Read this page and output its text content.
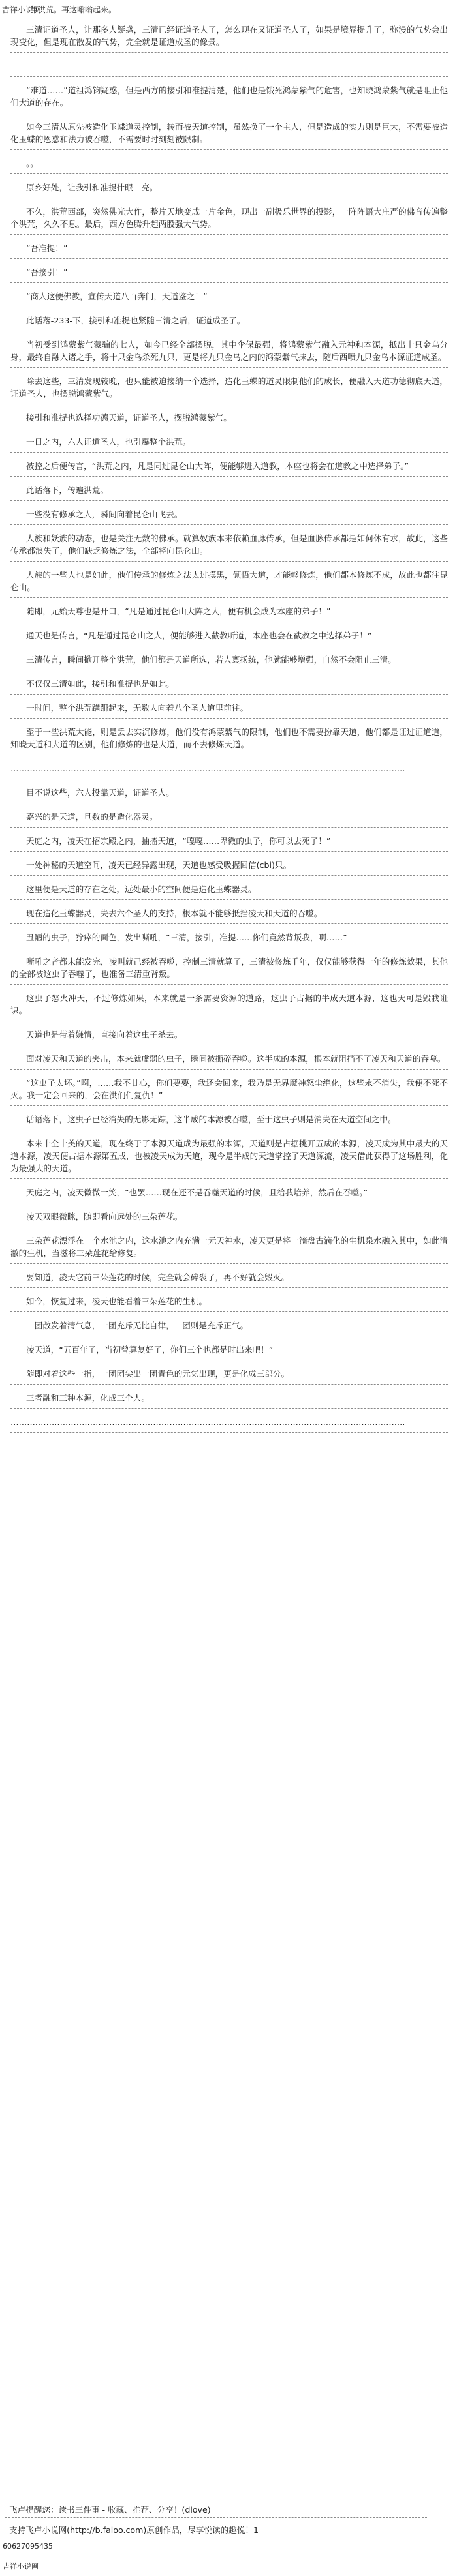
吉祥小说网
与洪荒。再这嗡嗡起来。
三清证道圣人，让那多人疑惑，三清已经证道圣人了，怎么现在又证道圣人了，如果是境界提升了，弥漫的气势会出现变化，但是现在散发的气势，完全就是证道成圣的像景。
“难道……”道祖鸿钧疑惑，但是西方的接引和准提清楚，他们也是饿死鸿蒙紫气的危害，也知晓鸿蒙紫气就是阻止他们大道的存在。
如今三清从原先被造化玉蝶道灵控制，转而被天道控制，虽然换了一个主人，但是造成的实力则是巨大，不需要被造化玉蝶的恩惑和法力被吞噬，不需要时时刻刻被限制。
。。
原乡好处，让我引和准提什眼一亮。
不久，洪荒西部，突然佛光大作，整片天地变成一片金色，现出一副极乐世界的投影，一阵阵语大庄严的佛音传遍整个洪荒，久久不息。最后，西方色腾升起两股强大气势。
“吾准提！”
“吾接引！”
“商人这便佛教，宣传天道八百奔门，天道鉴之！”
此话落-233-下，接引和准提也紧随三清之后，证道成圣了。
当初受到鸿蒙紫气蒙骗的七人，如今已经全部摆脱，其中伞保最强，将鸿蒙紫气融入元神和本源，抵出十只金乌分身，最终自融入诸之手，将十只金乌杀死九只，更是将九只金乌之内的鸿蒙紫气抹去，随后西喷九只金乌本源证道成圣。
除去这些，三清发现较晚，也只能被迫接纳一个选择，造化玉蝶的道灵限制他们的成长，便融入天道功德彻底天道，证道圣人，也摆脱鸿蒙紫气。
接引和准提也选择功德天道，证道圣人，摆脱鸿蒙紫气。
一日之内，六人证道圣人，也引爆整个洪荒。
被控之后便传言，“洪荒之内，凡是同过昆仑山大阵，便能够进入道教，本座也将会在道教之中选择弟子。”
此话落下，传遍洪荒。
一些没有修承之人，瞬间向着昆仑山飞去。
人族和妖族的动态，也是关注无数的佛承。就算奴族本来依赖血脉传承，但是血脉传承都是如何休有求，故此，这些传承都浪失了，他们缺乏修炼之法，全部将向昆仑山。
人族的一些人也是如此，他们传承的修炼之法太过摸黑，领悟大道，才能够修炼，他们都本修炼不成，故此也都往昆仑山。
随即，元始天尊也是开口，“凡是通过昆仑山大阵之人，便有机会成为本座的弟子！”
通天也是传言，“凡是通过昆仑山之人，便能够进入截教听道，本座也会在截教之中选择弟子！”
三清传言，瞬间掀开整个洪荒，他们都是天道所选，若人寰扬统，他就能够增强，自然不会阻止三清。
不仅仅三清如此，接引和准提也是如此。
一时间，整个洪荒蹒跚起来，无数人向着八个圣人道里前往。
至于一些洪荒大能，则是丢去实沉修炼，他们没有鸿蒙紫气的限制，他们也不需要扮靠天道，他们都是证过证道道，知晓天道和大道的区别，他们修炼的也是大道，而不去修炼天道。
………………………………………………………………………………………………………………………………
目不说这些，六人投靠天道，证道圣人。
嘉兴的是天道，旦数的是造化器灵。
天庭之内，凌天在招宗殿之内，抽搐天道，“嘎嘎……卑微的虫子，你可以去死了！”
一处神秘的天道空间，凌天已经异露出现，天道也感受吸握回信(cbi)只。
这里便是天道的存在之处，远处最小的空间便是造化玉蝶器灵。
现在造化玉蝶器灵，失去六个圣人的支持，根本就不能够抵挡凌天和天道的吞噬。
丑陋的虫子，狞瘁的面色，发出嘶吼，“三清，接引，准提……你们竟然背叛我，啊……”
嘶吼之音都未能发完，凌叫就己经被吞噬，控制三清就算了，三清被修炼千年，仅仅能够获得一年的修炼效果，其他的全部被这虫子吞噬了，也准备三清重背叛。
这虫子怒火冲天，不过修炼如果，本来就是一条需要资源的道路，这虫子占据的半成天道本源，这也天可是毁我诳识。
天道也是带着嫌情，直接向着这虫子杀去。
面对凌天和天道的夹击，本来就虚弱的虫子，瞬间被撕碎吞噬。这半成的本源，根本就阻挡不了凌天和天道的吞噬。
“这虫子太坏。”啊，……我不甘心，你们要要，我还会回来，我乃是无界魔神怒尘绝化，这些永不消失，我便不死不灭。我一定会回来的，会在洪们们复仇！”
话语落下，这虫子已经消失的无影无踪，这半成的本源被吞噬，至于这虫子则是消失在天道空间之中。
本来十全十美的天道，现在终于了本源天道成为最强的本源，天道则是占据挑开五成的本源，凌天成为其中最大的天道本源，凌天便占据本源第五成，也被凌天成为天道，现今是半成的天道掌控了天道源流，凌天借此获得了这场胜利，化为最强大的天道。
天庭之内，凌天微微一笑，“也罢……现在还不是吞噬天道的时候，且给我培养，然后在吞噬。”
凌天双眼微眯，随即看向远处的三朵莲花。
三朵莲花漂浮在一个水池之内，这水池之内充满一元天神水，凌天更是将一滴盘古滴化的生机泉水融入其中，如此清澈的生机，当滋将三朵莲花给修复。
要知道，凌天它前三朵莲花的时候，完全就会碎裂了，再不好就会毁灭。
如今，恢复过来，凌天也能看着三朵莲花的生机。
一团散发着清气息，一团充斥无比自律，一团则是充斥正气。
凌天道，“五百年了，当初曾算复好了，你们三个也都是时出来吧！”
随即对着这些一指，一团团尖出一团青色的元気出现，更是化成三部分。
三者融和三种本源，化成三个人。
………………………………………………………………………………………………………………………………
飞卢提醒您：读书三件事 - 收藏、推荐、分享！(dlove)
支持飞卢小说网(http://b.faloo.com)原创作品，尽享悦读的趣悦！1
60627095435
吉祥小说网
